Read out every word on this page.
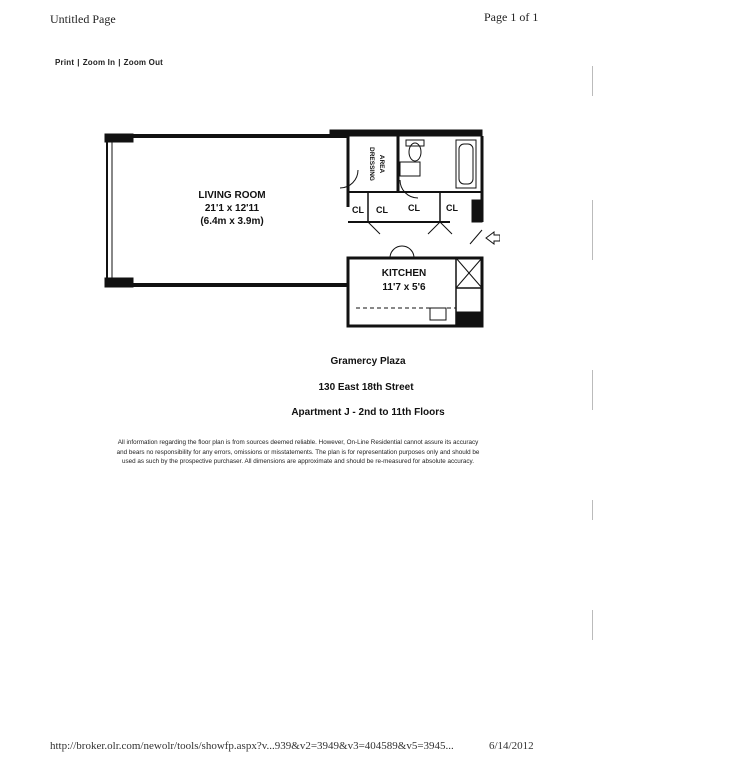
Untitled Page	Page 1 of 1
Print | Zoom In | Zoom Out
LIVING ROOM
21'1 x 12'11
(6.4m x 3.9m)
DRESSING AREA
CL CL CL	CL
KITCHEN
11'7 x 5'6
Gramercy Plaza
130 East 18th Street
Apartment J - 2nd to 11th Floors
All information regarding the floor plan is from sources deemed reliable. However, On-Line Residential cannot assure its accuracy
and bears no responsibility for any errors, omissions or misstatements. The plan is for representation purposes only and should be
used as such by the prospective purchaser. All dimensions are approximate and should be re-measured for absolute accuracy.
http://broker.olr.com/newolr/tools/showfp.aspx?v...939&v2=3949&v3=404589&v5=3945...	6/14/2012
